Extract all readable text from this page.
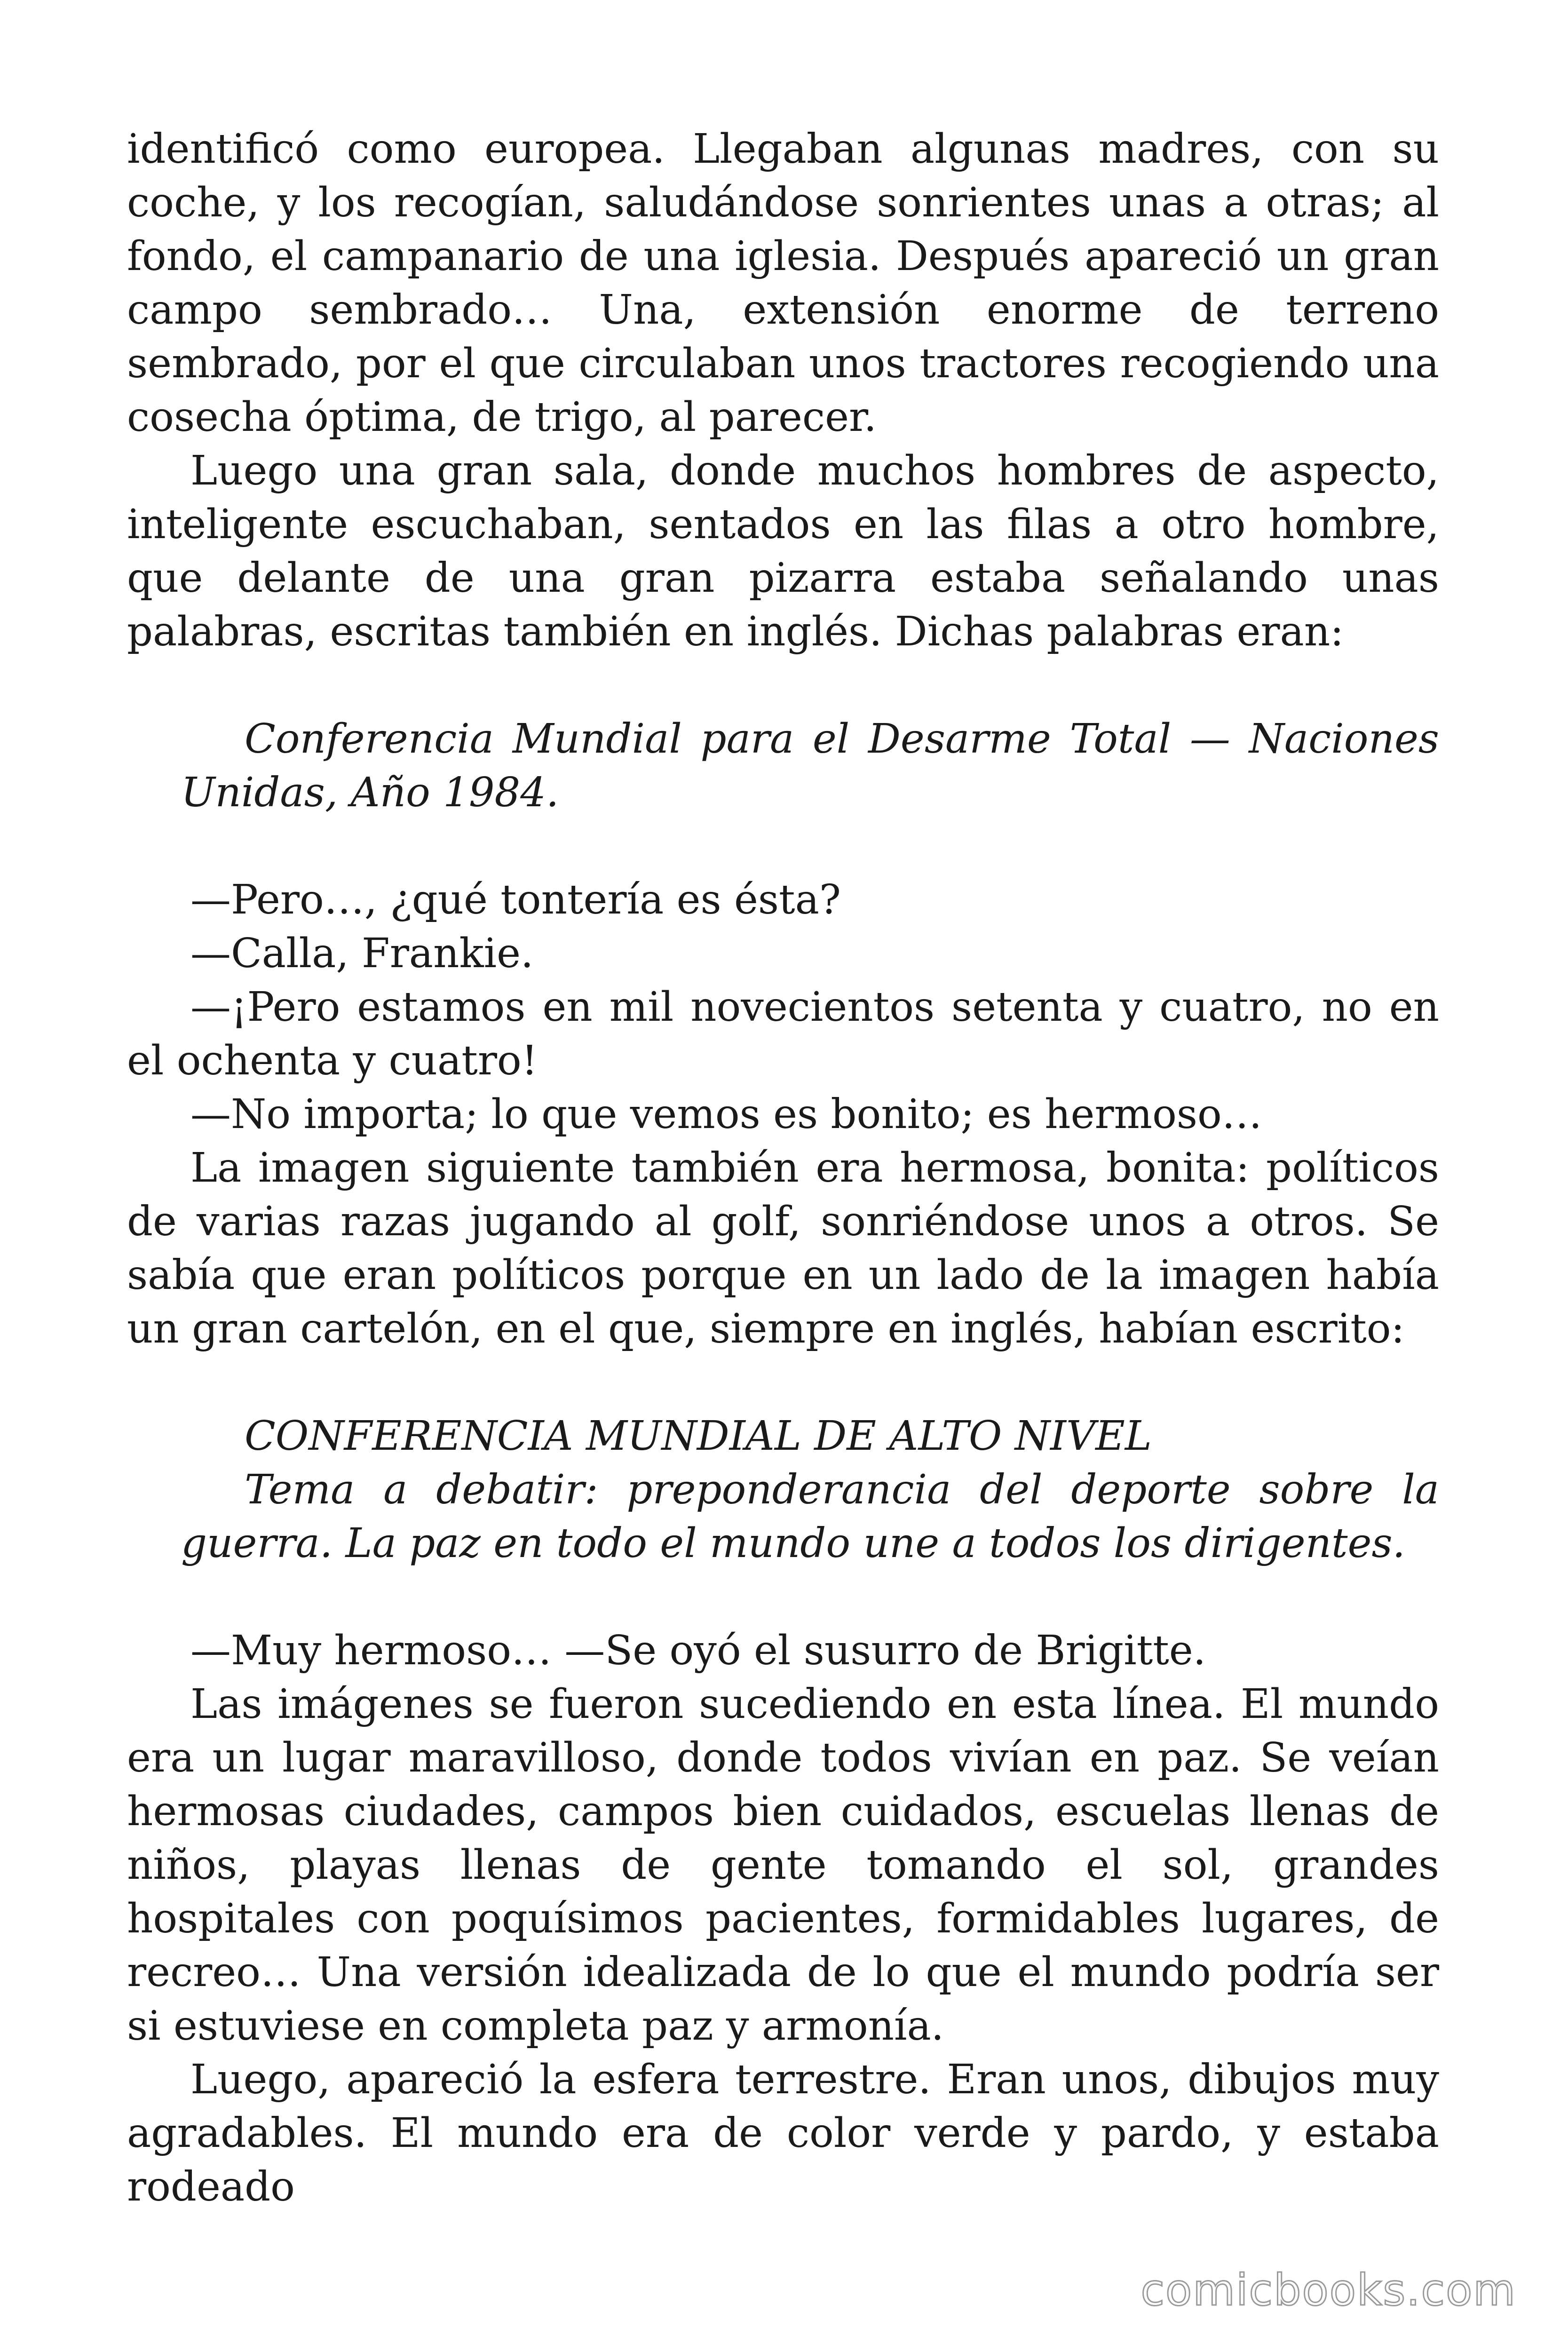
identificó como europea. Llegaban algunas madres, con su coche, y los recogían, saludándose sonrientes unas a otras; al fondo, el campanario de una iglesia. Después apareció un gran campo sembrado… Una, extensión enorme de terreno sembrado, por el que circulaban unos tractores recogiendo una cosecha óptima, de trigo, al parecer.

Luego una gran sala, donde muchos hombres de aspecto, inteligente escuchaban, sentados en las filas a otro hombre, que delante de una gran pizarra estaba señalando unas palabras, escritas también en inglés. Dichas palabras eran:

Conferencia Mundial para el Desarme Total — Naciones Unidas, Año 1984.

—Pero…, ¿qué tontería es ésta?

—Calla, Frankie.

—¡Pero estamos en mil novecientos setenta y cuatro, no en el ochenta y cuatro!

—No importa; lo que vemos es bonito; es hermoso…

La imagen siguiente también era hermosa, bonita: políticos de varias razas jugando al golf, sonriéndose unos a otros. Se sabía que eran políticos porque en un lado de la imagen había un gran cartelón, en el que, siempre en inglés, habían escrito:

CONFERENCIA MUNDIAL DE ALTO NIVEL

Tema a debatir: preponderancia del deporte sobre la guerra. La paz en todo el mundo une a todos los dirigentes.

—Muy hermoso… —Se oyó el susurro de Brigitte.

Las imágenes se fueron sucediendo en esta línea. El mundo era un lugar maravilloso, donde todos vivían en paz. Se veían hermosas ciudades, campos bien cuidados, escuelas llenas de niños, playas llenas de gente tomando el sol, grandes hospitales con poquísimos pacientes, formidables lugares, de recreo… Una versión idealizada de lo que el mundo podría ser si estuviese en completa paz y armonía.

Luego, apareció la esfera terrestre. Eran unos, dibujos muy agradables. El mundo era de color verde y pardo, y estaba rodeado

comicbooks.com
